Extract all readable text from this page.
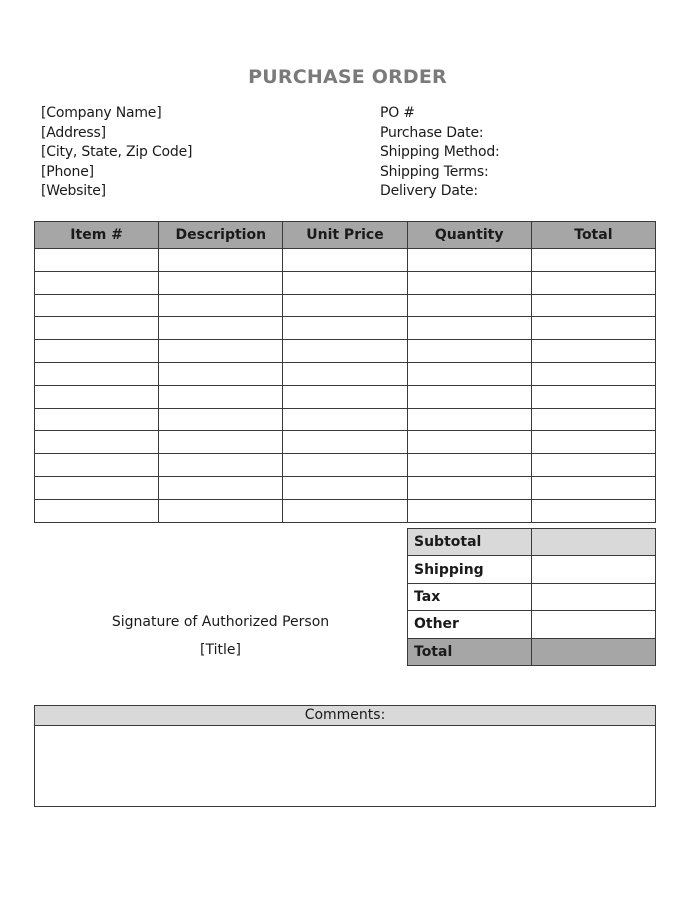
PURCHASE ORDER
[Company Name]
[Address]
[City, State, Zip Code]
[Phone]
[Website]
PO #
Purchase Date:
Shipping Method:
Shipping Terms:
Delivery Date:
Item #	Description	Unit Price	Quantity	Total

Subtotal	
Shipping	
Tax	
Other	
Total	
Signature of Authorized Person
[Title]
Comments:
